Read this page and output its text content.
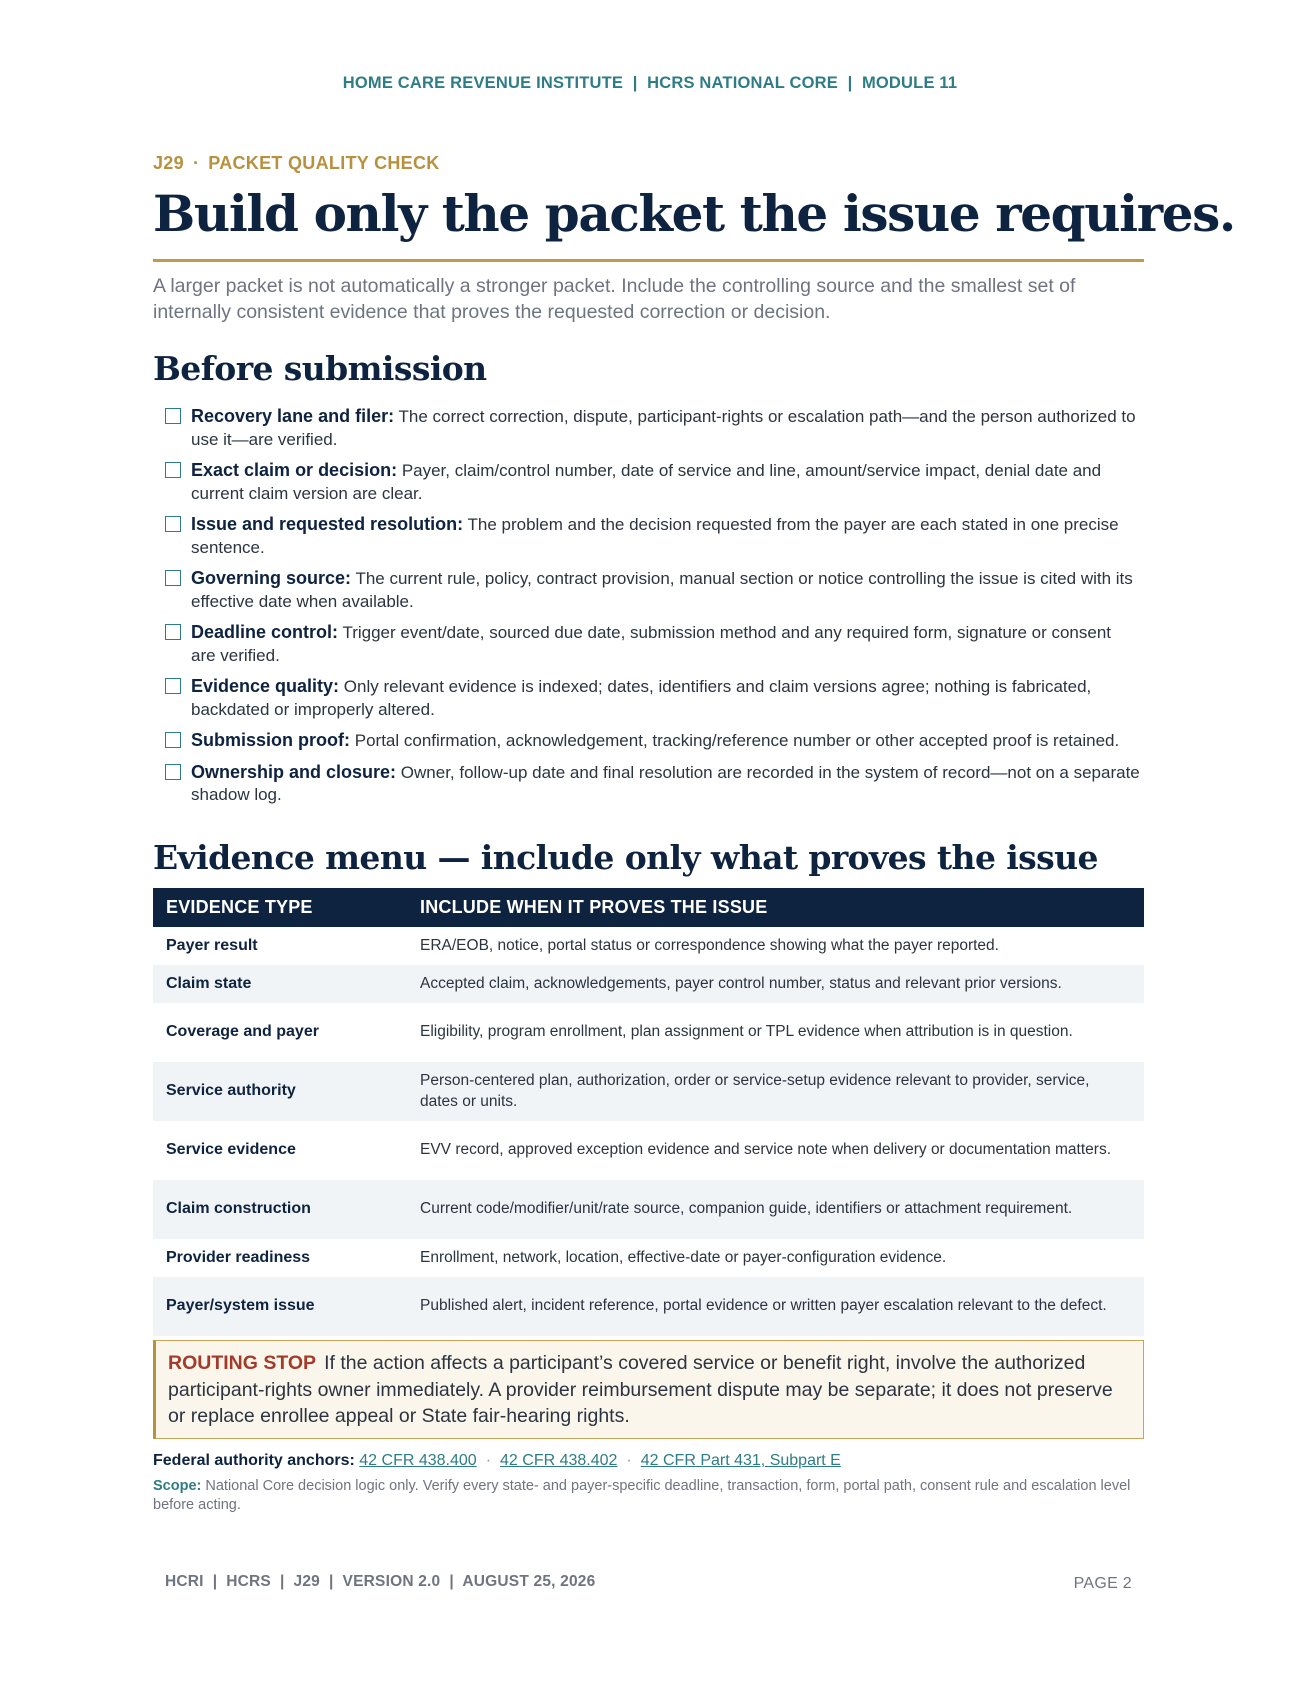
HOME CARE REVENUE INSTITUTE  |  HCRS NATIONAL CORE  |  MODULE 11
J29 · PACKET QUALITY CHECK
Build only the packet the issue requires.

A larger packet is not automatically a stronger packet. Include the controlling source and the smallest set of internally consistent evidence that proves the requested correction or decision.

Before submission
Recovery lane and filer: The correct correction, dispute, participant-rights or escalation path—and the person authorized to use it—are verified.
Exact claim or decision: Payer, claim/control number, date of service and line, amount/service impact, denial date and current claim version are clear.
Issue and requested resolution: The problem and the decision requested from the payer are each stated in one precise sentence.
Governing source: The current rule, policy, contract provision, manual section or notice controlling the issue is cited with its effective date when available.
Deadline control: Trigger event/date, sourced due date, submission method and any required form, signature or consent are verified.
Evidence quality: Only relevant evidence is indexed; dates, identifiers and claim versions agree; nothing is fabricated, backdated or improperly altered.
Submission proof: Portal confirmation, acknowledgement, tracking/reference number or other accepted proof is retained.
Ownership and closure: Owner, follow-up date and final resolution are recorded in the system of record—not on a separate shadow log.
Evidence menu — include only what proves the issue
EVIDENCE TYPE	INCLUDE WHEN IT PROVES THE ISSUE
Payer result	ERA/EOB, notice, portal status or correspondence showing what the payer reported.
Claim state	Accepted claim, acknowledgements, payer control number, status and relevant prior versions.
Coverage and payer	Eligibility, program enrollment, plan assignment or TPL evidence when attribution is in question.
Service authority	Person-centered plan, authorization, order or service-setup evidence relevant to provider, service, dates or units.
Service evidence	EVV record, approved exception evidence and service note when delivery or documentation matters.
Claim construction	Current code/modifier/unit/rate source, companion guide, identifiers or attachment requirement.
Provider readiness	Enrollment, network, location, effective-date or payer-configuration evidence.
Payer/system issue	Published alert, incident reference, portal evidence or written payer escalation relevant to the defect.
ROUTING STOP If the action affects a participant’s covered service or benefit right, involve the authorized participant-rights owner immediately. A provider reimbursement dispute may be separate; it does not preserve or replace enrollee appeal or State fair-hearing rights.
Federal authority anchors: 42 CFR 438.400 · 42 CFR 438.402 · 42 CFR Part 431, Subpart E

Scope: National Core decision logic only. Verify every state- and payer-specific deadline, transaction, form, portal path, consent rule and escalation level before acting.

HCRI  |  HCRS  |  J29  |  VERSION 2.0  |  AUGUST 25, 2026	PAGE 2
